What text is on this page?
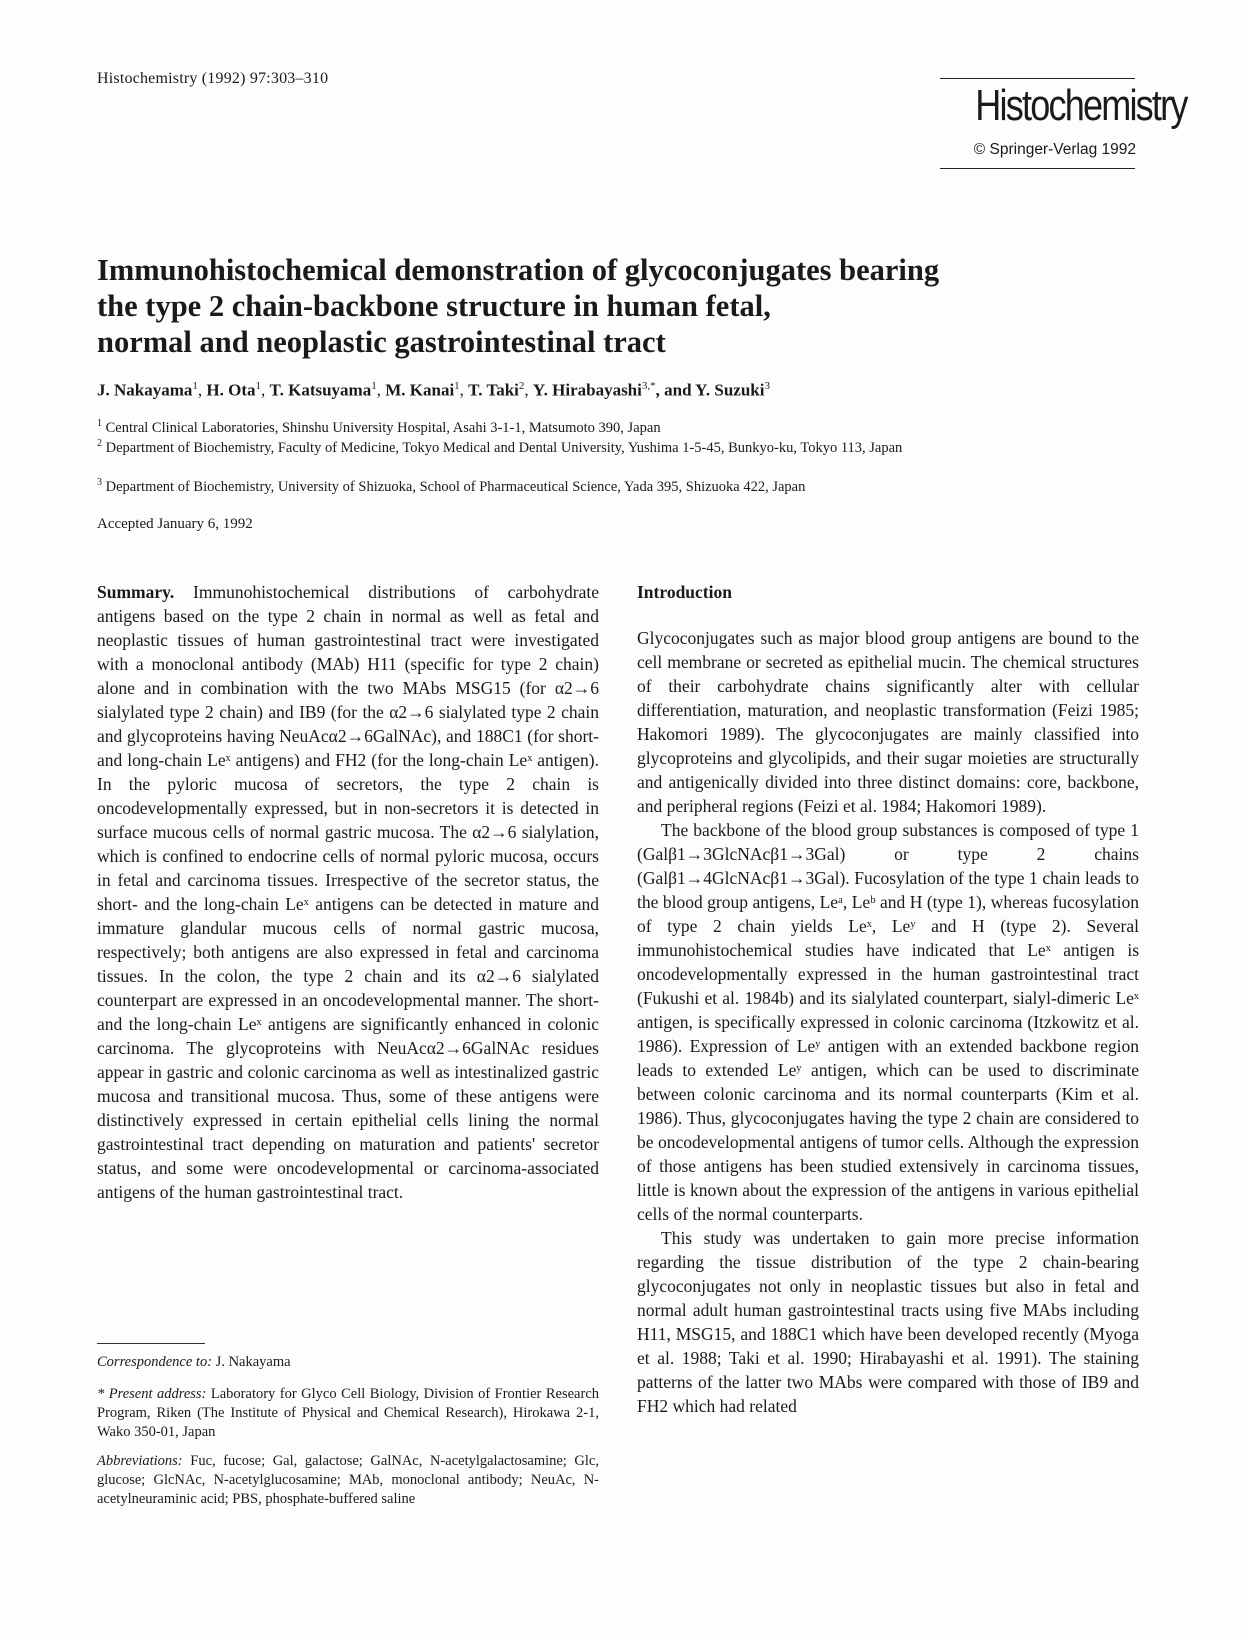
Histochemistry (1992) 97:303–310
Histochemistry
© Springer-Verlag 1992
Immunohistochemical demonstration of glycoconjugates bearing
the type 2 chain-backbone structure in human fetal,
normal and neoplastic gastrointestinal tract
J. Nakayama$^1$, H. Ota$^1$, T. Katsuyama$^1$, M. Kanai$^1$, T. Taki$^2$, Y. Hirabayashi$^{3,*}$, and Y. Suzuki$^3$
$^1$ Central Clinical Laboratories, Shinshu University Hospital, Asahi 3-1-1, Matsumoto 390, Japan
$^2$ Department of Biochemistry, Faculty of Medicine, Tokyo Medical and Dental University, Yushima 1-5-45, Bunkyo-ku, Tokyo 113, Japan
$^3$ Department of Biochemistry, University of Shizuoka, School of Pharmaceutical Science, Yada 395, Shizuoka 422, Japan
Accepted January 6, 1992

Summary. Immunohistochemical distributions of carbohydrate antigens based on the type 2 chain in normal as well as fetal and neoplastic tissues of human gastrointestinal tract were investigated with a monoclonal antibody (MAb) H11 (specific for type 2 chain) alone and in combination with the two MAbs MSG15 (for α2→6 sialylated type 2 chain) and IB9 (for the α2→6 sialylated type 2 chain and glycoproteins having NeuAcα2→6GalNAc), and 188C1 (for short- and long-chain Leˣ antigens) and FH2 (for the long-chain Leˣ antigen). In the pyloric mucosa of secretors, the type 2 chain is oncodevelopmentally expressed, but in non-secretors it is detected in surface mucous cells of normal gastric mucosa. The α2→6 sialylation, which is confined to endocrine cells of normal pyloric mucosa, occurs in fetal and carcinoma tissues. Irrespective of the secretor status, the short- and the long-chain Leˣ antigens can be detected in mature and immature glandular mucous cells of normal gastric mucosa, respectively; both antigens are also expressed in fetal and carcinoma tissues. In the colon, the type 2 chain and its α2→6 sialylated counterpart are expressed in an oncodevelopmental manner. The short- and the long-chain Leˣ antigens are significantly enhanced in colonic carcinoma. The glycoproteins with NeuAcα2→6GalNAc residues appear in gastric and colonic carcinoma as well as intestinalized gastric mucosa and transitional mucosa. Thus, some of these antigens were distinctively expressed in certain epithelial cells lining the normal gastrointestinal tract depending on maturation and patients' secretor status, and some were oncodevelopmental or carcinoma-associated antigens of the human gastrointestinal tract.

Correspondence to: J. Nakayama

* Present address: Laboratory for Glyco Cell Biology, Division of Frontier Research Program, Riken (The Institute of Physical and Chemical Research), Hirokawa 2-1, Wako 350-01, Japan

Abbreviations: Fuc, fucose; Gal, galactose; GalNAc, N-acetylgalactosamine; Glc, glucose; GlcNAc, N-acetylglucosamine; MAb, monoclonal antibody; NeuAc, N-acetylneuraminic acid; PBS, phosphate-buffered saline

Introduction

Glycoconjugates such as major blood group antigens are bound to the cell membrane or secreted as epithelial mucin. The chemical structures of their carbohydrate chains significantly alter with cellular differentiation, maturation, and neoplastic transformation (Feizi 1985; Hakomori 1989). The glycoconjugates are mainly classified into glycoproteins and glycolipids, and their sugar moieties are structurally and antigenically divided into three distinct domains: core, backbone, and peripheral regions (Feizi et al. 1984; Hakomori 1989).

The backbone of the blood group substances is composed of type 1 (Galβ1→3GlcNAcβ1→3Gal) or type 2 chains (Galβ1→4GlcNAcβ1→3Gal). Fucosylation of the type 1 chain leads to the blood group antigens, Leᵃ, Leᵇ and H (type 1), whereas fucosylation of type 2 chain yields Leˣ, Leʸ and H (type 2). Several immunohistochemical studies have indicated that Leˣ antigen is oncodevelopmentally expressed in the human gastrointestinal tract (Fukushi et al. 1984b) and its sialylated counterpart, sialyl-dimeric Leˣ antigen, is specifically expressed in colonic carcinoma (Itzkowitz et al. 1986). Expression of Leʸ antigen with an extended backbone region leads to extended Leʸ antigen, which can be used to discriminate between colonic carcinoma and its normal counterparts (Kim et al. 1986). Thus, glycoconjugates having the type 2 chain are considered to be oncodevelopmental antigens of tumor cells. Although the expression of those antigens has been studied extensively in carcinoma tissues, little is known about the expression of the antigens in various epithelial cells of the normal counterparts.

This study was undertaken to gain more precise information regarding the tissue distribution of the type 2 chain-bearing glycoconjugates not only in neoplastic tissues but also in fetal and normal adult human gastrointestinal tracts using five MAbs including H11, MSG15, and 188C1 which have been developed recently (Myoga et al. 1988; Taki et al. 1990; Hirabayashi et al. 1991). The staining patterns of the latter two MAbs were compared with those of IB9 and FH2 which had related
